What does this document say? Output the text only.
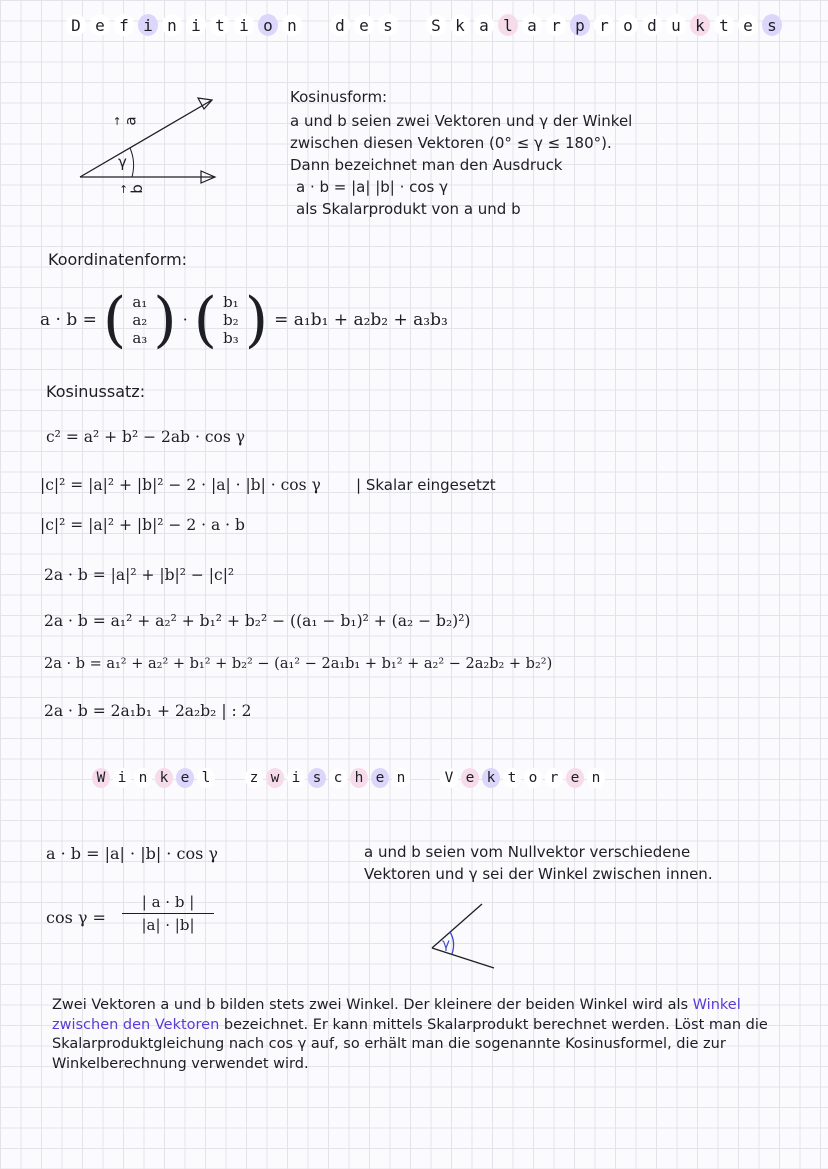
D e f i n i t i o n	d e s	S k a l a r p r o d u k t e s
→ a
γ
→ b
Kosinusform:
a und b seien zwei Vektoren und γ der Winkel
zwischen diesen Vektoren (0° ≤ γ ≤ 180°).
Dann bezeichnet man den Ausdruck
a · b = |a| |b| · cos γ
als Skalarprodukt von a und b
Koordinatenform:
a · b = ( a₁
a₂
a₃ ) · ( b₁
b₂
b₃ ) = a₁b₁ + a₂b₂ + a₃b₃
Kosinussatz:
c² = a² + b² − 2ab · cos γ
|c|² = |a|² + |b|² − 2 · |a| · |b| · cos γ | Skalar eingesetzt
|c|² = |a|² + |b|² − 2 · a · b
2a · b = |a|² + |b|² − |c|²
2a · b = a₁² + a₂² + b₁² + b₂² − ((a₁ − b₁)² + (a₂ − b₂)²)
2a · b = a₁² + a₂² + b₁² + b₂² − (a₁² − 2a₁b₁ + b₁² + a₂² − 2a₂b₂ + b₂²)
2a · b = 2a₁b₁ + 2a₂b₂ | : 2
W i n k e l	z w i s c h e n	V e k t o r e n
a · b = |a| · |b| · cos γ
cos γ =
| a · b |
|a| · |b|
a und b seien vom Nullvektor verschiedene
Vektoren und γ sei der Winkel zwischen innen.
γ
Zwei Vektoren a und b bilden stets zwei Winkel. Der kleinere der beiden Winkel wird als Winkel zwischen den Vektoren bezeichnet. Er kann mittels Skalarprodukt berechnet werden. Löst man die Skalarproduktgleichung nach cos γ auf, so erhält man die sogenannte Kosinusformel, die zur Winkelberechnung verwendet wird.
